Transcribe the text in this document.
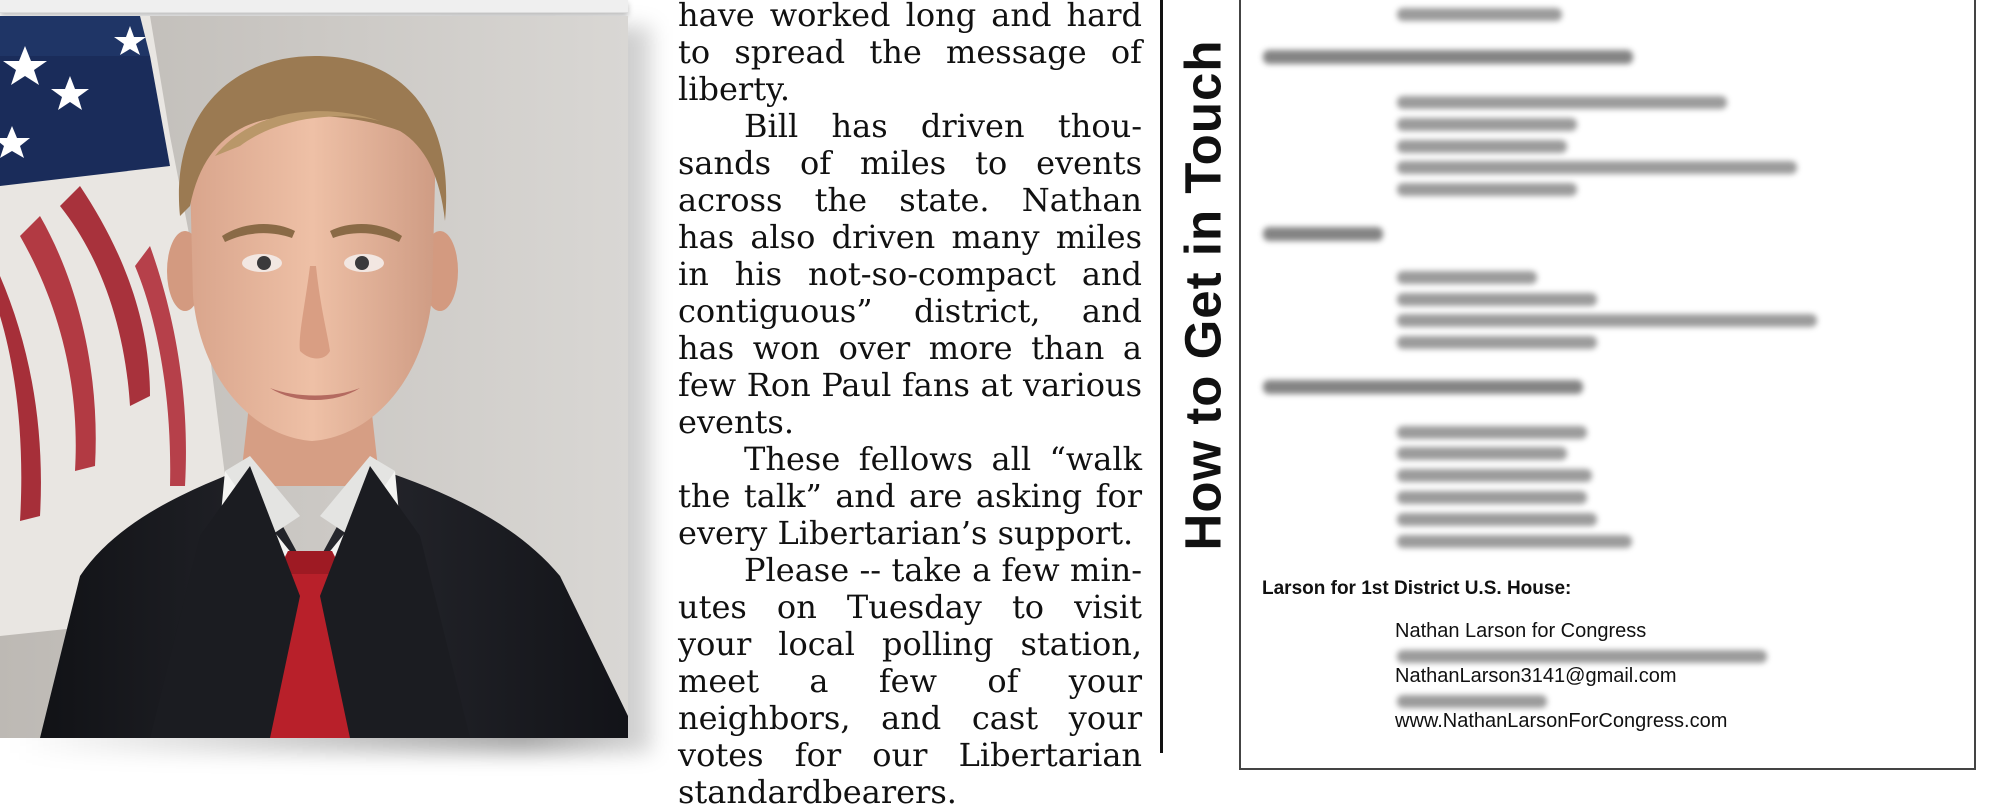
have worked long and hard to spread the message of liberty.

Bill has driven thousands of miles to events across the state. Nathan has also driven many miles in his not-so-compact and contiguous” district, and has won over more than a few Ron Paul fans at various events.

These fellows all “walk the talk” and are asking for every Libertarian’s support.

Please -- take a few minutes on Tuesday to visit your local polling station, meet a few of your neighbors, and cast your votes for our Libertarian standardbearers.

How to Get in Touch
Larson for 1st District U.S. House:
Nathan Larson for Congress
NathanLarson3141@gmail.com
www.NathanLarsonForCongress.com
